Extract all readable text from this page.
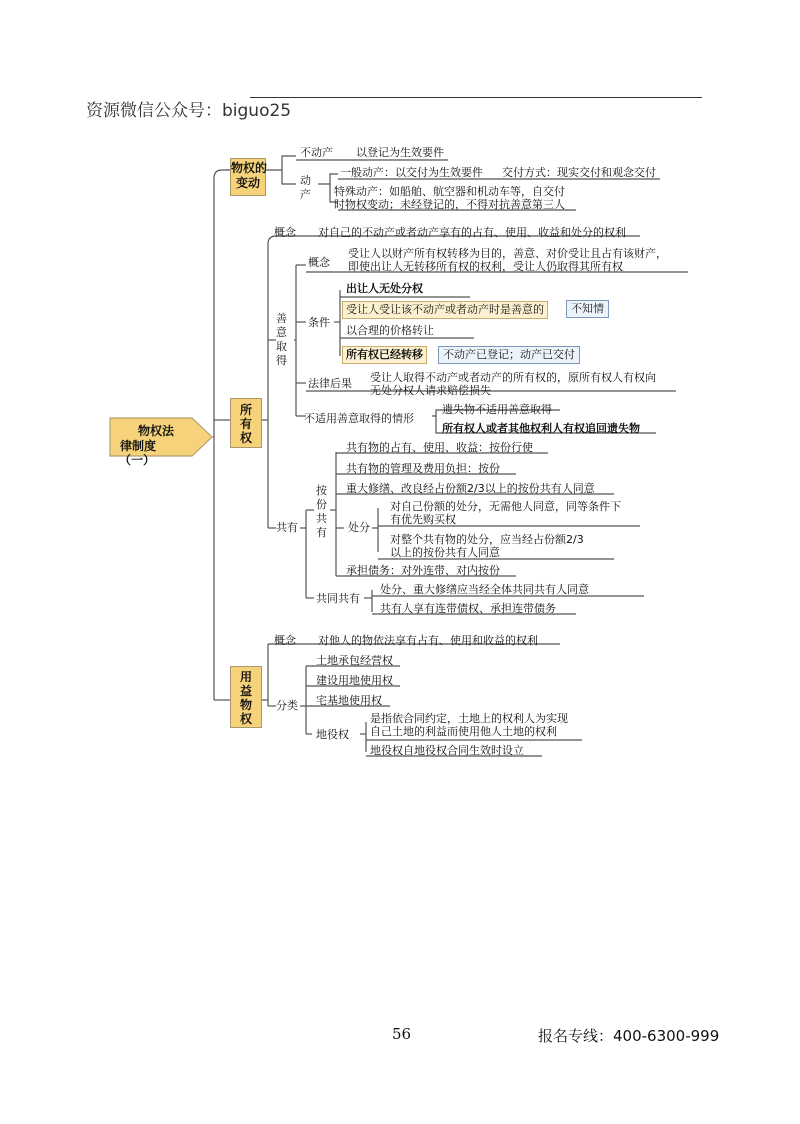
资源微信公众号：biguo25
56	报名专线：400-6300-999
物权法
律制度
（一）
物权的
变动
不动产 以登记为生效要件
动
产
一般动产：以交付为生效要件 交付方式：现实交付和观念交付
特殊动产：如船舶、航空器和机动车等，自交付
时物权变动；未经登记的，不得对抗善意第三人
所
有
权
概念 对自己的不动产或者动产享有的占有、使用、收益和处分的权利
善
意
取
得
概念
受让人以财产所有权转移为目的，善意、对价受让且占有该财产，
即使出让人无转移所有权的权利，受让人仍取得其所有权
条件
出让人无处分权
受让人受让该不动产或者动产时是善意的	不知情
以合理的价格转让
所有权已经转移	不动产已登记；动产已交付
法律后果 受让人取得不动产或者动产的所有权的，原所有权人有权向
无处分权人请求赔偿损失
不适用善意取得的情形
遗失物不适用善意取得
所有权人或者其他权利人有权追回遗失物
共有
按
份
共
有
共有物的占有、使用、收益：按份行使
共有物的管理及费用负担：按份
重大修缮、改良经占份额2/3以上的按份共有人同意
处分
对自己份额的处分，无需他人同意，同等条件下
有优先购买权
对整个共有物的处分，应当经占份额2/3
以上的按份共有人同意
承担债务：对外连带、对内按份
共同共有
处分、重大修缮应当经全体共同共有人同意
共有人享有连带债权、承担连带债务
用
益
物
权
概念 对他人的物依法享有占有、使用和收益的权利
分类
土地承包经营权
建设用地使用权
宅基地使用权
地役权
是指依合同约定，土地上的权利人为实现
自己土地的利益而使用他人土地的权利
地役权自地役权合同生效时设立
